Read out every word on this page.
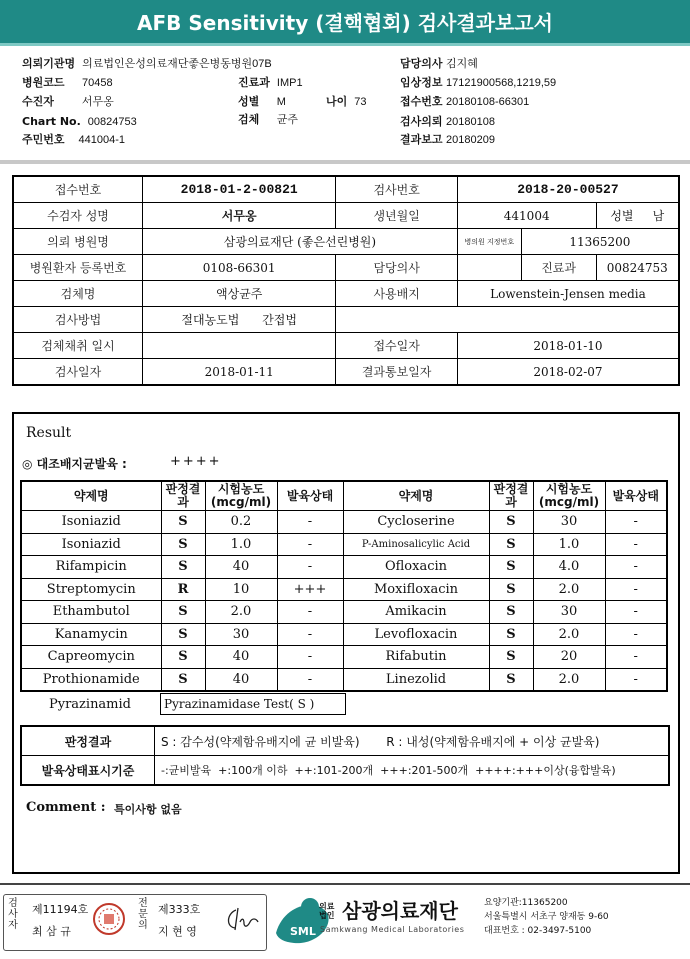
AFB Sensitivity (결핵협회) 검사결과보고서
의뢰기관명 의료법인은성의료재단좋은병동병원07B	담당의사 김지혜
병원코드 70458	진료과 IMP1	임상정보 17121900568,1219,59
수진자	서무옹	성별 M	나이 73	접수번호 20180108-66301
Chart No. 00824753	검체 균주	검사의뢰 20180108
주민번호 441004-1	결과보고 20180209
접수번호	2018-01-2-00821	검사번호	2018-20-00527		
수검자 성명	서무옹	생년월일	441004		성별 남
의뢰 병원명	삼광의료재단 (좋은선린병원)		병의원 지정번호	11365200	
병원환자 등록번호	0108-66301	담당의사		진료과	00824753
검체명	액상균주	사용배지	Lowenstein-Jensen media		
검사방법	절대농도법 간접법				
검체채취 일시		접수일자	2018-01-10		
검사일자	2018-01-11	결과통보일자	2018-02-07		
Result
◎ 대조배지균발육 :	++++
약제명	판정결과	시험농도 (mcg/ml)	발육상태	약제명	판정결과	시험농도 (mcg/ml)	발육상태
Isoniazid	S	0.2	-	Cycloserine	S	30	-
Isoniazid	S	1.0	-	P-Aminosalicylic Acid	S	1.0	-
Rifampicin	S	40	-	Ofloxacin	S	4.0	-
Streptomycin	R	10	+++	Moxifloxacin	S	2.0	-
Ethambutol	S	2.0	-	Amikacin	S	30	-
Kanamycin	S	30	-	Levofloxacin	S	2.0	-
Capreomycin	S	40	-	Rifabutin	S	20	-
Prothionamide	S	40	-	Linezolid	S	2.0	-
Pyrazinamid	Pyrazinamidase Test( S )
판정결과	S : 감수성(약제함유배지에 균 비발육) R : 내성(약제함유배지에 + 이상 균발육)
발육상태표시기준	-:균비발육  +:100개 이하  ++:101-200개  +++:201-500개  ++++:+++이상(융합발육)
Comment : 특이사항 없음
검사자
제11194호
최 삼 규
전문의
제333호
지 현 영	SML
의료법인 삼광의료재단
Samkwang Medical Laboratories
요양기관:11365200
서울특별시 서초구 양재동 9-60
대표번호 : 02-3497-5100
